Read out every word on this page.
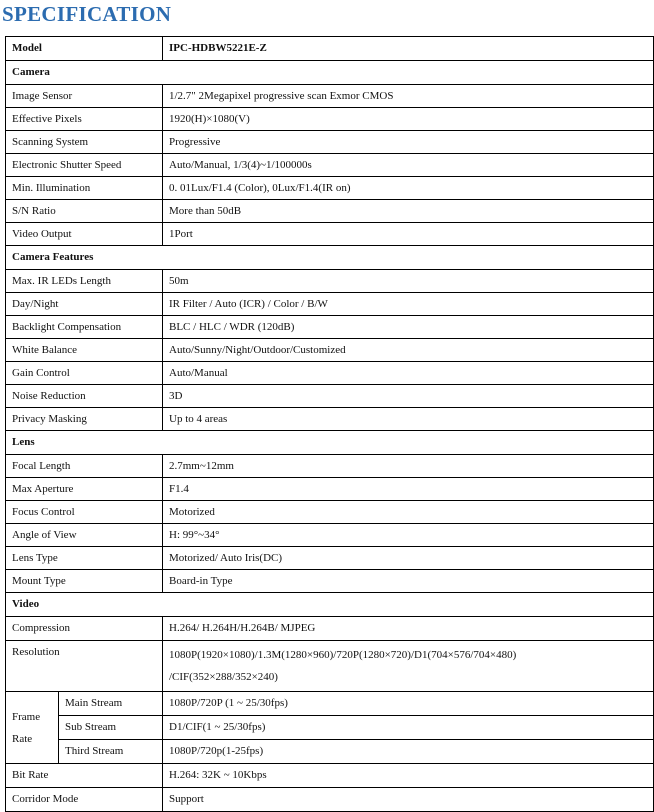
SPECIFICATION
Model		IPC-HDBW5221E-Z
Camera		
Image Sensor		1/2.7" 2Megapixel progressive scan Exmor CMOS
Effective Pixels		1920(H)×1080(V)
Scanning System		Progressive
Electronic Shutter Speed		Auto/Manual, 1/3(4)~1/100000s
Min. Illumination		0. 01Lux/F1.4 (Color), 0Lux/F1.4(IR on)
S/N Ratio		More than 50dB
Video Output		1Port
Camera Features		
Max. IR LEDs Length		50m
Day/Night		IR Filter / Auto (ICR) / Color / B/W
Backlight Compensation		BLC / HLC / WDR (120dB)
White Balance		Auto/Sunny/Night/Outdoor/Customized
Gain Control		Auto/Manual
Noise Reduction		3D
Privacy Masking		Up to 4 areas
Lens		
Focal Length		2.7mm~12mm
Max Aperture		F1.4
Focus Control		Motorized
Angle of View		H: 99°~34°
Lens Type		Motorized/ Auto Iris(DC)
Mount Type		Board-in Type
Video		
Compression		H.264/ H.264H/H.264B/ MJPEG
Resolution		1080P(1920×1080)/1.3M(1280×960)/720P(1280×720)/D1(704×576/704×480)
/CIF(352×288/352×240)

Frame
Rate	Main Stream	1080P/720P (1 ~ 25/30fps)
	Sub Stream	D1/CIF(1 ~ 25/30fps)
	Third Stream	1080P/720p(1-25fps)
Bit Rate		H.264: 32K ~ 10Kbps
Corridor Mode		Support
